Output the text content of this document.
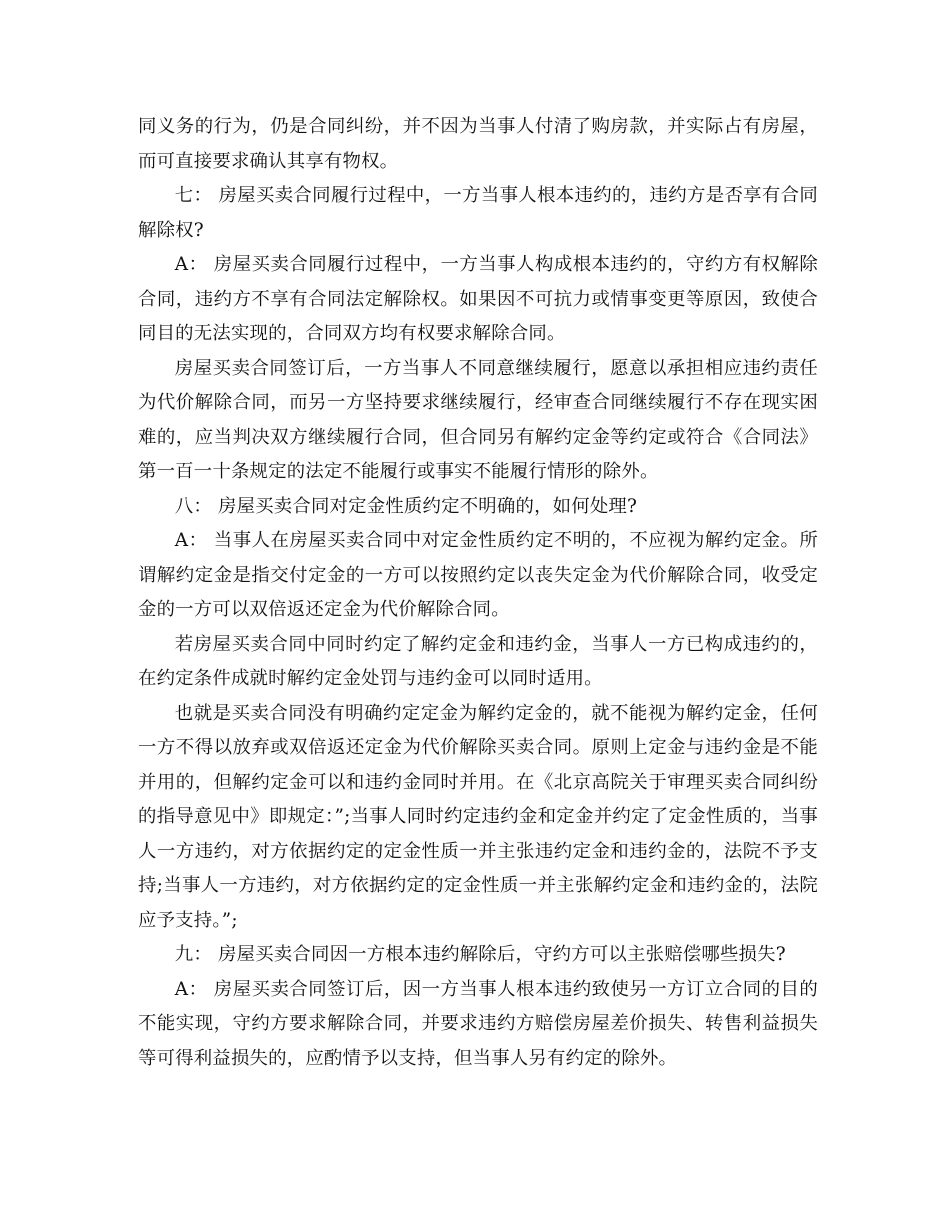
同义务的行为，仍是合同纠纷，并不因为当事人付清了购房款，并实际占有房屋，而可直接要求确认其享有物权。

七： 房屋买卖合同履行过程中，一方当事人根本违约的，违约方是否享有合同解除权?

A： 房屋买卖合同履行过程中，一方当事人构成根本违约的，守约方有权解除合同，违约方不享有合同法定解除权。如果因不可抗力或情事变更等原因，致使合同目的无法实现的，合同双方均有权要求解除合同。

房屋买卖合同签订后，一方当事人不同意继续履行，愿意以承担相应违约责任为代价解除合同，而另一方坚持要求继续履行，经审查合同继续履行不存在现实困难的，应当判决双方继续履行合同，但合同另有解约定金等约定或符合《合同法》第一百一十条规定的法定不能履行或事实不能履行情形的除外。

八： 房屋买卖合同对定金性质约定不明确的，如何处理?

A： 当事人在房屋买卖合同中对定金性质约定不明的，不应视为解约定金。所谓解约定金是指交付定金的一方可以按照约定以丧失定金为代价解除合同，收受定金的一方可以双倍返还定金为代价解除合同。

若房屋买卖合同中同时约定了解约定金和违约金，当事人一方已构成违约的，在约定条件成就时解约定金处罚与违约金可以同时适用。

也就是买卖合同没有明确约定定金为解约定金的，就不能视为解约定金，任何一方不得以放弃或双倍返还定金为代价解除买卖合同。原则上定金与违约金是不能并用的，但解约定金可以和违约金同时并用。在《北京高院关于审理买卖合同纠纷的指导意见中》即规定：”;当事人同时约定违约金和定金并约定了定金性质的，当事人一方违约，对方依据约定的定金性质一并主张违约定金和违约金的，法院不予支持;当事人一方违约，对方依据约定的定金性质一并主张解约定金和违约金的，法院应予支持。”;

九： 房屋买卖合同因一方根本违约解除后，守约方可以主张赔偿哪些损失?

A： 房屋买卖合同签订后，因一方当事人根本违约致使另一方订立合同的目的不能实现，守约方要求解除合同，并要求违约方赔偿房屋差价损失、转售利益损失等可得利益损失的，应酌情予以支持，但当事人另有约定的除外。
